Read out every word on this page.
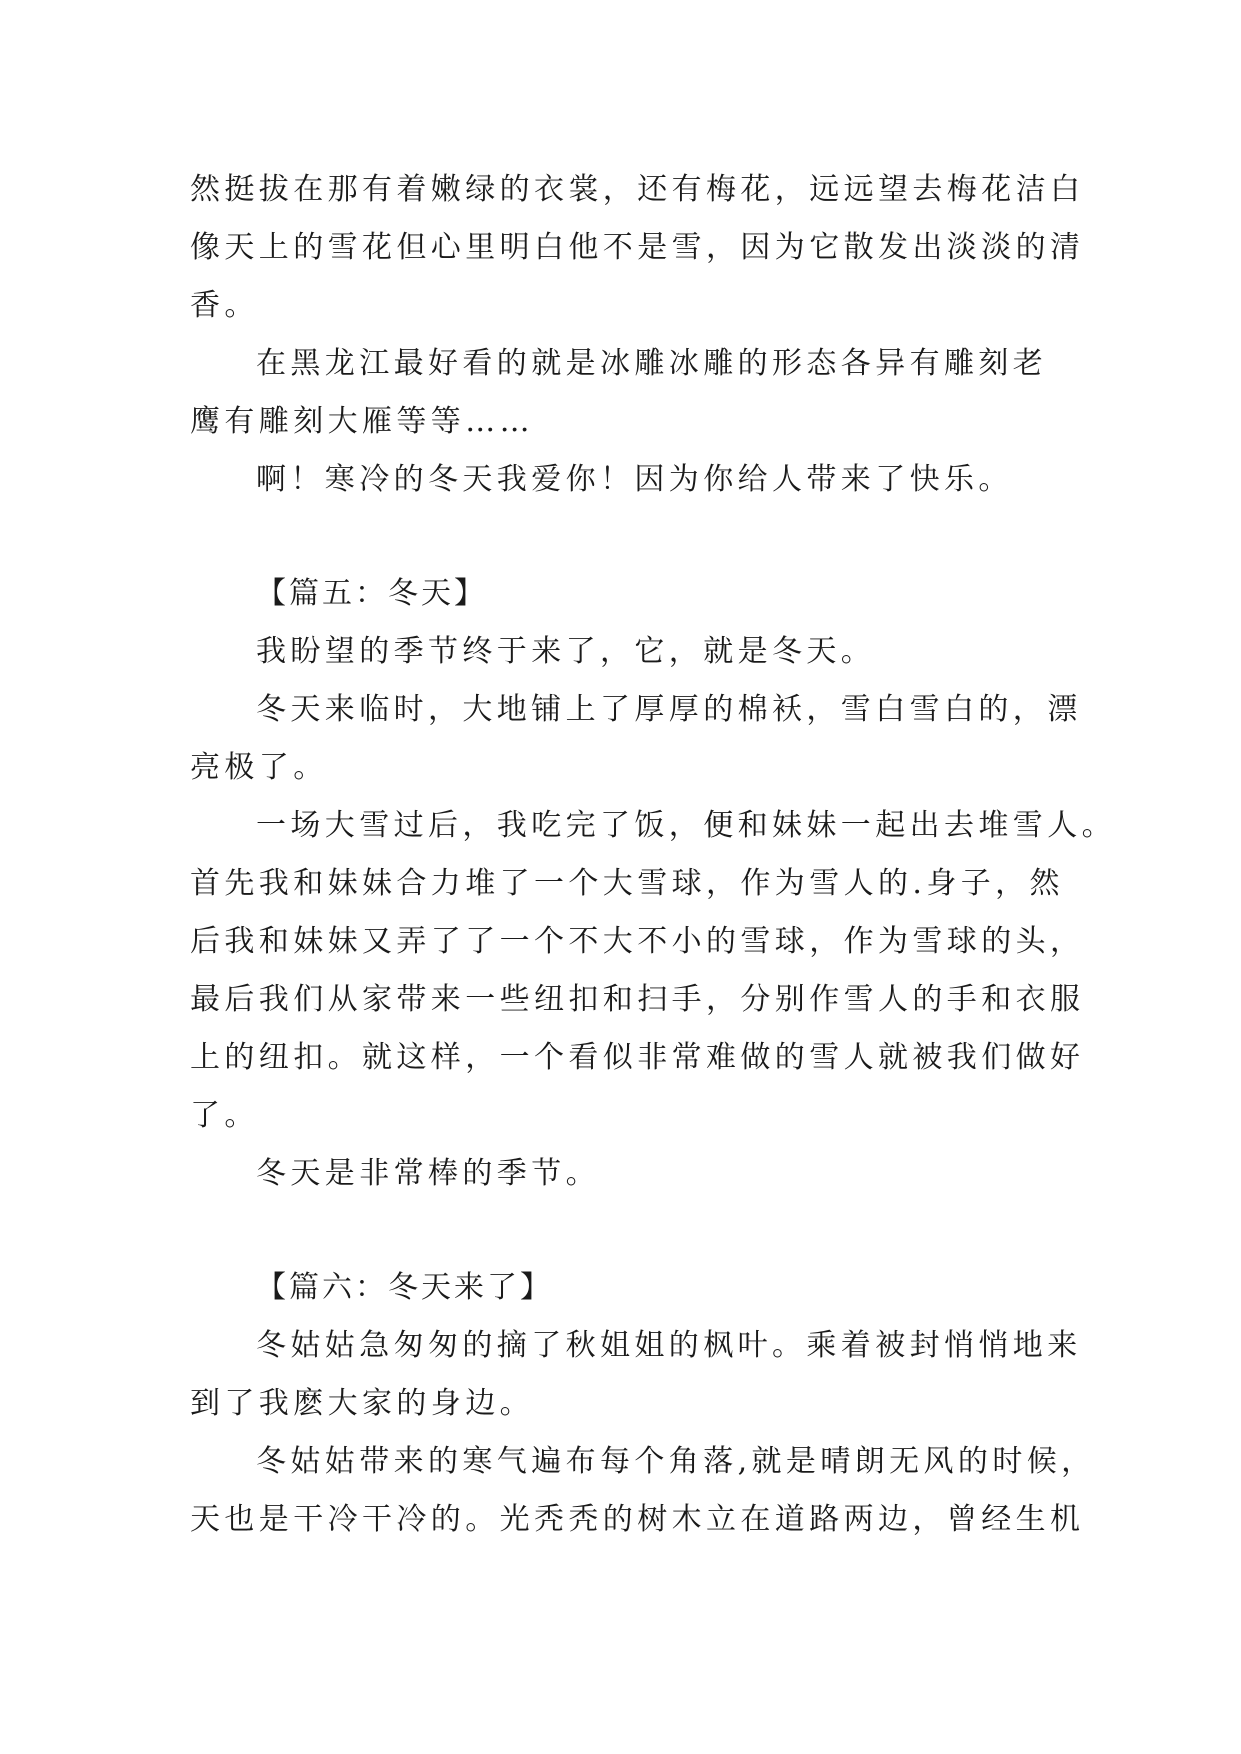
然挺拔在那有着嫩绿的衣裳，还有梅花，远远望去梅花洁白
像天上的雪花但心里明白他不是雪，因为它散发出淡淡的清
香。
在黑龙江最好看的就是冰雕冰雕的形态各异有雕刻老
鹰有雕刻大雁等等……
啊！寒冷的冬天我爱你！因为你给人带来了快乐。
【篇五：冬天】
我盼望的季节终于来了，它，就是冬天。
冬天来临时，大地铺上了厚厚的棉袄，雪白雪白的，漂
亮极了。
一场大雪过后，我吃完了饭，便和妹妹一起出去堆雪人。
首先我和妹妹合力堆了一个大雪球，作为雪人的.身子，然
后我和妹妹又弄了了一个不大不小的雪球，作为雪球的头，
最后我们从家带来一些纽扣和扫手，分别作雪人的手和衣服
上的纽扣。就这样，一个看似非常难做的雪人就被我们做好
了。
冬天是非常棒的季节。
【篇六：冬天来了】
冬姑姑急匆匆的摘了秋姐姐的枫叶。乘着被封悄悄地来
到了我麽大家的身边。
冬姑姑带来的寒气遍布每个角落,就是晴朗无风的时候，
天也是干冷干冷的。光秃秃的树木立在道路两边，曾经生机
